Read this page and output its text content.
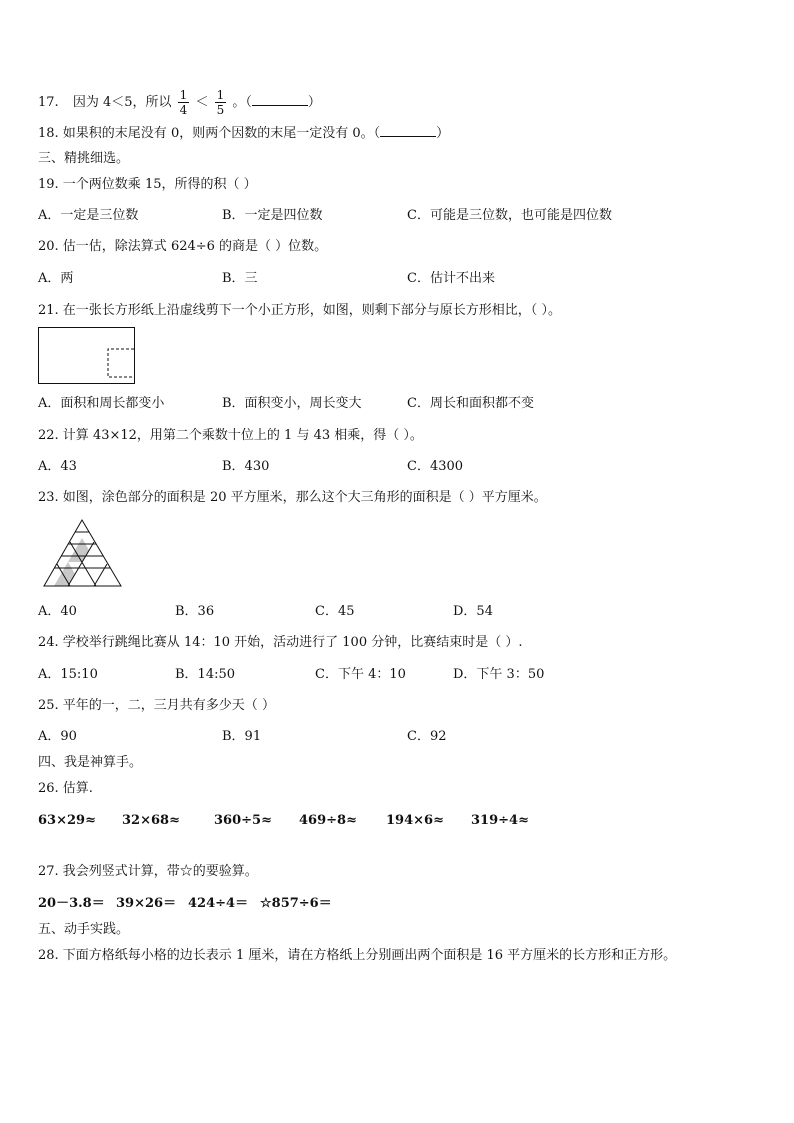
17. 因为 4＜5，所以 $\frac{1}{4} < \frac{1}{5}$ 。（	）
18. 如果积的末尾没有 0，则两个因数的末尾一定没有 0。（	）
三、精挑细选。
19. 一个两位数乘 15，所得的积（ ）
A．一定是三位数	B．一定是四位数	C．可能是三位数，也可能是四位数
20. 估一估，除法算式 624÷6 的商是（ ）位数。
A．两	B．三	C．估计不出来
21. 在一张长方形纸上沿虚线剪下一个小正方形，如图，则剩下部分与原长方形相比，（ ）。
A．面积和周长都变小	B．面积变小，周长变大	C．周长和面积都不变
22. 计算 43×12，用第二个乘数十位上的 1 与 43 相乘，得（ ）。
A．43	B．430	C．4300
23. 如图，涂色部分的面积是 20 平方厘米，那么这个大三角形的面积是（ ）平方厘米。
A．40	B．36	C．45	D．54
24. 学校举行跳绳比赛从 14：10 开始，活动进行了 100 分钟，比赛结束时是（ ）.
A．15:10	B．14:50	C．下午 4：10	D．下午 3：50
25. 平年的一，二，三月共有多少天（ ）
A．90	B．91	C．92
四、我是神算手。
26. 估算.
63×29≈ 32×68≈	360÷5≈ 469÷8≈ 194×6≈ 319÷4≈
27. 我会列竖式计算，带☆的要验算。
20－3.8＝ 39×26＝ 424÷4＝ ☆857÷6＝
五、动手实践。
28. 下面方格纸每小格的边长表示 1 厘米，请在方格纸上分别画出两个面积是 16 平方厘米的长方形和正方形。
